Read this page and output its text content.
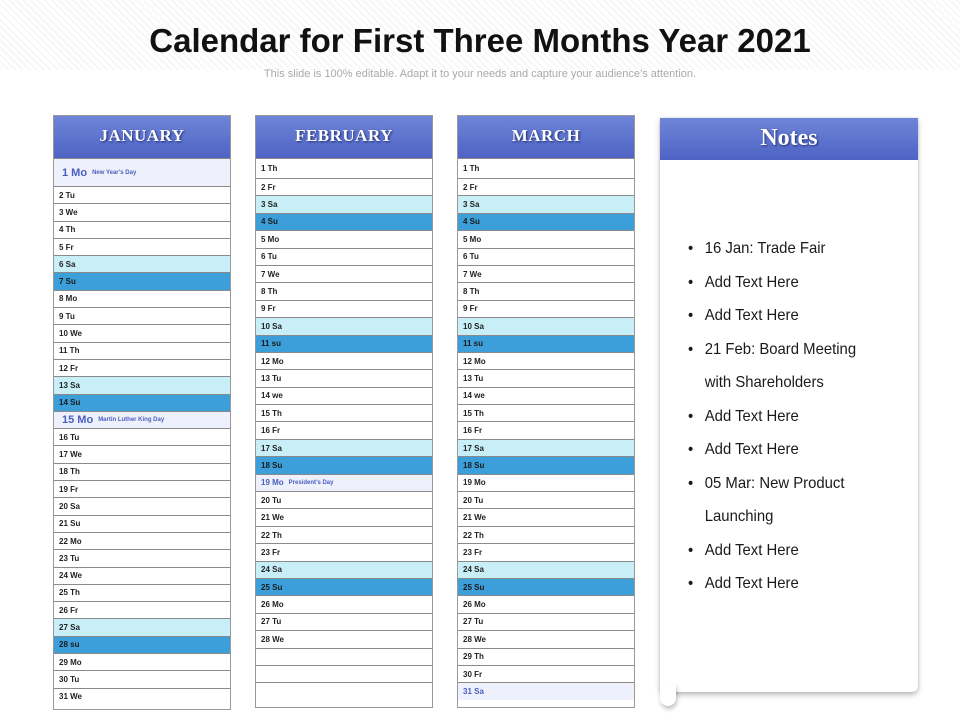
Calendar for First Three Months Year 2021
This slide is 100% editable. Adapt it to your needs and capture your audience’s attention.
JANUARY
1 Mo New Year’s Day
2 Tu
3 We
4 Th
5 Fr
6 Sa
7 Su
8 Mo
9 Tu
10 We
11 Th
12 Fr
13 Sa
14 Su
15 Mo Martin Luther King Day
16 Tu
17 We
18 Th
19 Fr
20 Sa
21 Su
22 Mo
23 Tu
24 We
25 Th
26 Fr
27 Sa
28 su
29 Mo
30 Tu
31 We
FEBRUARY
1 Th
2 Fr
3 Sa
4 Su
5 Mo
6 Tu
7 We
8 Th
9 Fr
10 Sa
11 su
12 Mo
13 Tu
14 we
15 Th
16 Fr
17 Sa
18 Su
19 Mo President’s Day
20 Tu
21 We
22 Th
23 Fr
24 Sa
25 Su
26 Mo
27 Tu
28 We
MARCH
1 Th
2 Fr
3 Sa
4 Su
5 Mo
6 Tu
7 We
8 Th
9 Fr
10 Sa
11 su
12 Mo
13 Tu
14 we
15 Th
16 Fr
17 Sa
18 Su
19 Mo
20 Tu
21 We
22 Th
23 Fr
24 Sa
25 Su
26 Mo
27 Tu
28 We
29 Th
30 Fr
31 Sa
Notes
• 16 Jan: Trade Fair
• Add Text Here
• Add Text Here
• 21 Feb: Board Meeting
with Shareholders
• Add Text Here
• Add Text Here
• 05 Mar: New Product
Launching
• Add Text Here
• Add Text Here
